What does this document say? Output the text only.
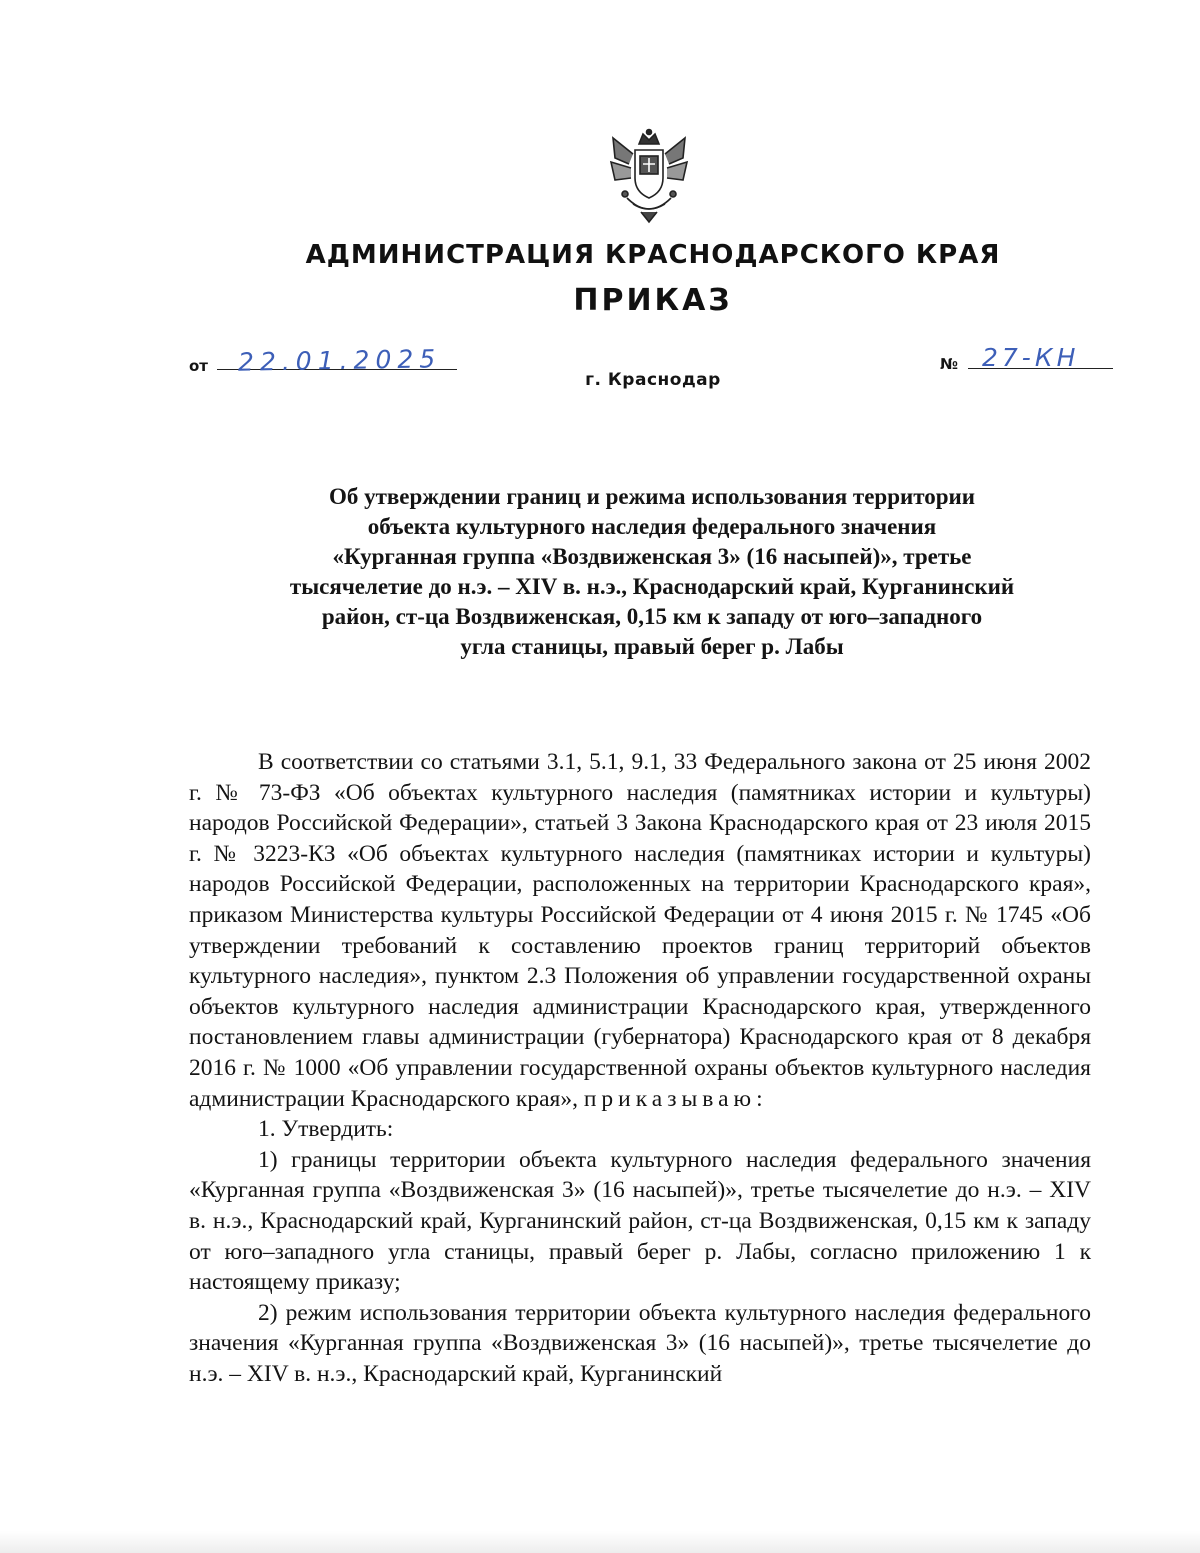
АДМИНИСТРАЦИЯ КРАСНОДАРСКОГО КРАЯ
ПРИКАЗ
от 22.01.2025	№ 27-КН
г. Краснодар
Об утверждении границ и режима использования территории
объекта культурного наследия федерального значения
«Курганная группа «Воздвиженская 3» (16 насыпей)», третье
тысячелетие до н.э. – XIV в. н.э., Краснодарский край, Курганинский
район, ст-ца Воздвиженская, 0,15 км к западу от юго–западного
угла станицы, правый берег р. Лабы

В соответствии со статьями 3.1, 5.1, 9.1, 33 Федерального закона от 25 июня 2002 г. № 73-ФЗ «Об объектах культурного наследия (памятниках истории и культуры) народов Российской Федерации», статьей 3 Закона Краснодарского края от 23 июля 2015 г. № 3223-КЗ «Об объектах культурного наследия (памятниках истории и культуры) народов Российской Федерации, расположенных на территории Краснодарского края», приказом Министерства культуры Российской Федерации от 4 июня 2015 г. № 1745 «Об утверждении требований к составлению проектов границ территорий объектов культурного наследия», пунктом 2.3 Положения об управлении государственной охраны объектов культурного наследия администрации Краснодарского края, утвержденного постановлением главы администрации (губернатора) Краснодарского края от 8 декабря 2016 г. № 1000 «Об управлении государственной охраны объектов культурного наследия администрации Краснодарского края», приказываю:

1. Утвердить:

1) границы территории объекта культурного наследия федерального значения «Курганная группа «Воздвиженская 3» (16 насыпей)», третье тысячелетие до н.э. – XIV в. н.э., Краснодарский край, Курганинский район, ст-ца Воздвиженская, 0,15 км к западу от юго–западного угла станицы, правый берег р. Лабы, согласно приложению 1 к настоящему приказу;

2) режим использования территории объекта культурного наследия федерального значения «Курганная группа «Воздвиженская 3» (16 насыпей)», третье тысячелетие до н.э. – XIV в. н.э., Краснодарский край, Курганинский
